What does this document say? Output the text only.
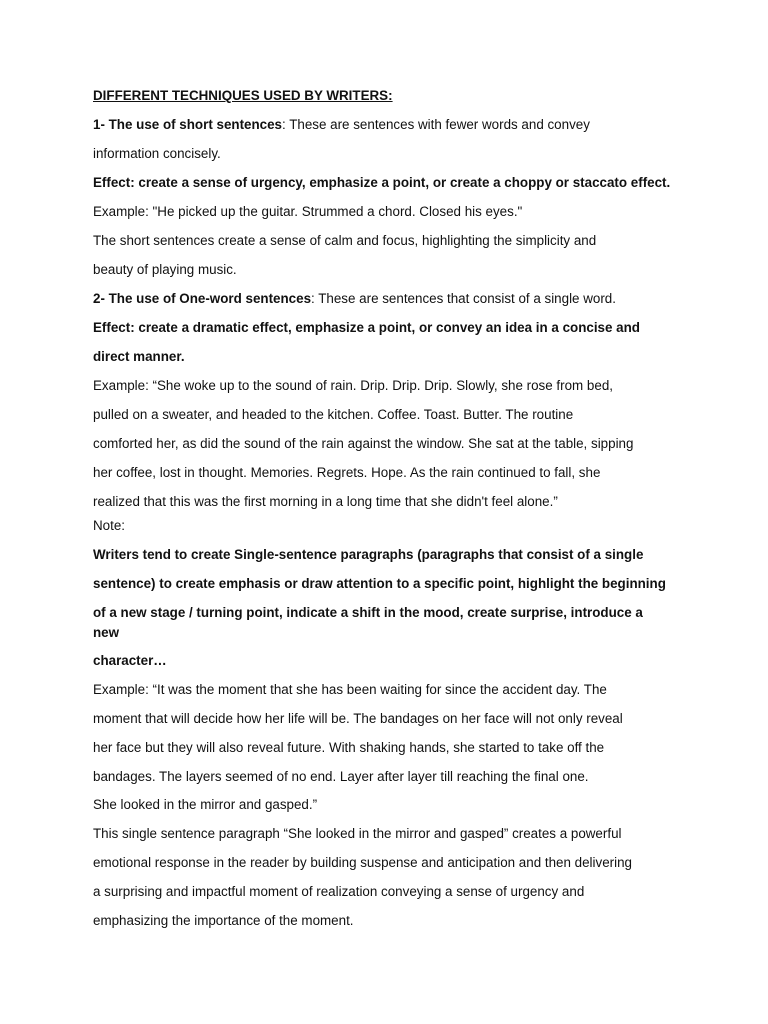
DIFFERENT TECHNIQUES USED BY WRITERS:
1- The use of short sentences: These are sentences with fewer words and convey
information concisely.
Effect: create a sense of urgency, emphasize a point, or create a choppy or staccato effect.
Example: "He picked up the guitar. Strummed a chord. Closed his eyes."
The short sentences create a sense of calm and focus, highlighting the simplicity and
beauty of playing music.
2- The use of One-word sentences: These are sentences that consist of a single word.
Effect: create a dramatic effect, emphasize a point, or convey an idea in a concise and
direct manner.
Example: “She woke up to the sound of rain. Drip. Drip. Drip. Slowly, she rose from bed,
pulled on a sweater, and headed to the kitchen. Coffee. Toast. Butter. The routine
comforted her, as did the sound of the rain against the window. She sat at the table, sipping
her coffee, lost in thought. Memories. Regrets. Hope. As the rain continued to fall, she
realized that this was the first morning in a long time that she didn't feel alone.”
Note:
Writers tend to create Single-sentence paragraphs (paragraphs that consist of a single
sentence) to create emphasis or draw attention to a specific point, highlight the beginning
of a new stage / turning point, indicate a shift in the mood, create surprise, introduce a
new
character…
Example: “It was the moment that she has been waiting for since the accident day. The
moment that will decide how her life will be. The bandages on her face will not only reveal
her face but they will also reveal future. With shaking hands, she started to take off the
bandages. The layers seemed of no end. Layer after layer till reaching the final one.
She looked in the mirror and gasped.”
This single sentence paragraph “She looked in the mirror and gasped” creates a powerful
emotional response in the reader by building suspense and anticipation and then delivering
a surprising and impactful moment of realization conveying a sense of urgency and
emphasizing the importance of the moment.
